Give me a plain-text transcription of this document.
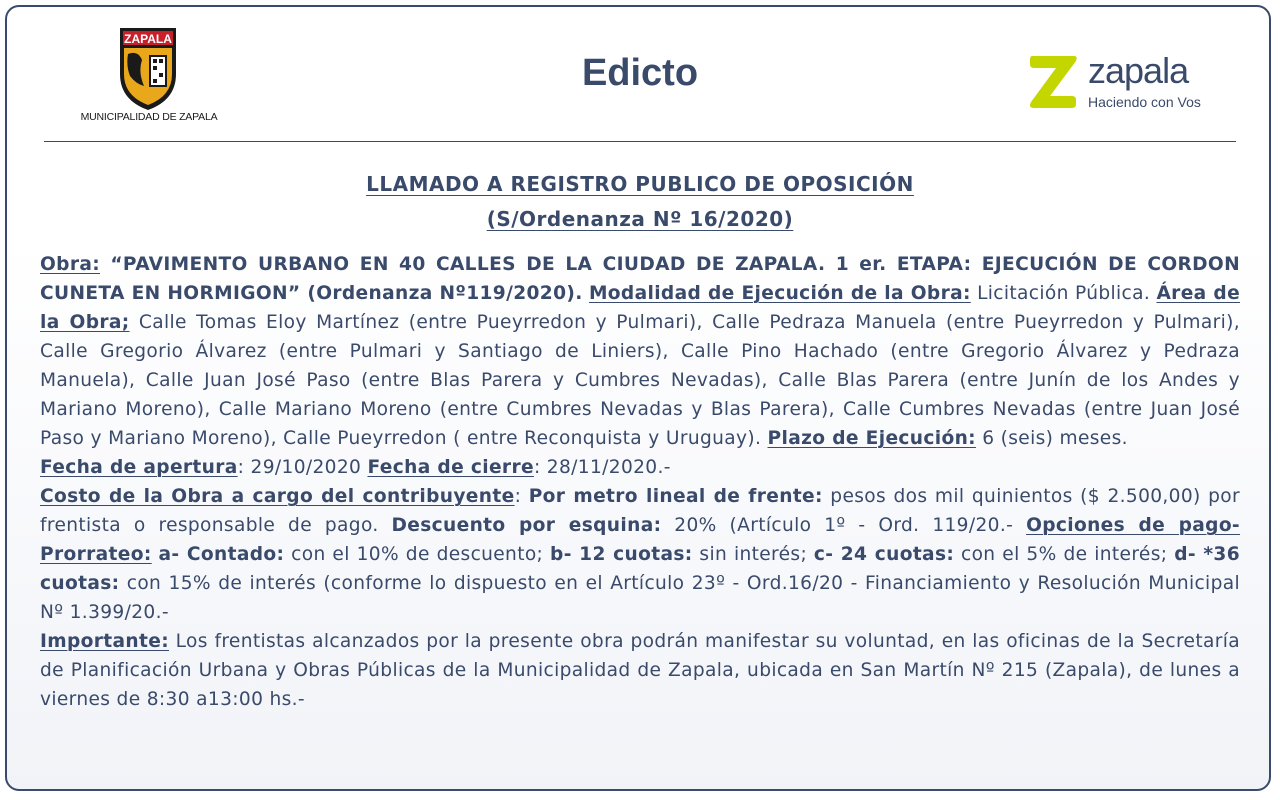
ZAPALA
MUNICIPALIDAD DE ZAPALA
Edicto	zapala
Haciendo con Vos
LLAMADO A REGISTRO PUBLICO DE OPOSICIÓN
(S/Ordenanza Nº 16/2020)

Obra: “PAVIMENTO URBANO EN 40 CALLES DE LA CIUDAD DE ZAPALA. 1 er. ETAPA: EJECUCIÓN DE CORDON CUNETA EN HORMIGON” (Ordenanza Nº119/2020). Modalidad de Ejecución de la Obra: Licitación Pública. Área de la Obra; Calle Tomas Eloy Martínez (entre Pueyrredon y Pulmari), Calle Pedraza Manuela (entre Pueyrredon y Pulmari), Calle Gregorio Álvarez (entre Pulmari y Santiago de Liniers), Calle Pino Hachado (entre Gregorio Álvarez y Pedraza Manuela), Calle Juan José Paso (entre Blas Parera y Cumbres Nevadas), Calle Blas Parera (entre Junín de los Andes y Mariano Moreno), Calle Mariano Moreno (entre Cumbres Nevadas y Blas Parera), Calle Cumbres Nevadas (entre Juan José Paso y Mariano Moreno), Calle Pueyrredon ( entre Reconquista y Uruguay). Plazo de Ejecución: 6 (seis) meses.

Fecha de apertura: 29/10/2020 Fecha de cierre: 28/11/2020.-

Costo de la Obra a cargo del contribuyente: Por metro lineal de frente: pesos dos mil quinientos ($ 2.500,00) por frentista o responsable de pago. Descuento por esquina: 20% (Artículo 1º - Ord. 119/20.- Opciones de pago-Prorrateo: a- Contado: con el 10% de descuento; b- 12 cuotas: sin interés; c- 24 cuotas: con el 5% de interés; d- *36 cuotas: con 15% de interés (conforme lo dispuesto en el Artículo 23º - Ord.16/20 - Financiamiento y Resolución Municipal Nº 1.399/20.-

Importante: Los frentistas alcanzados por la presente obra podrán manifestar su voluntad, en las oficinas de la Secretaría de Planificación Urbana y Obras Públicas de la Municipalidad de Zapala, ubicada en San Martín Nº 215 (Zapala), de lunes a viernes de 8:30 a13:00 hs.-
